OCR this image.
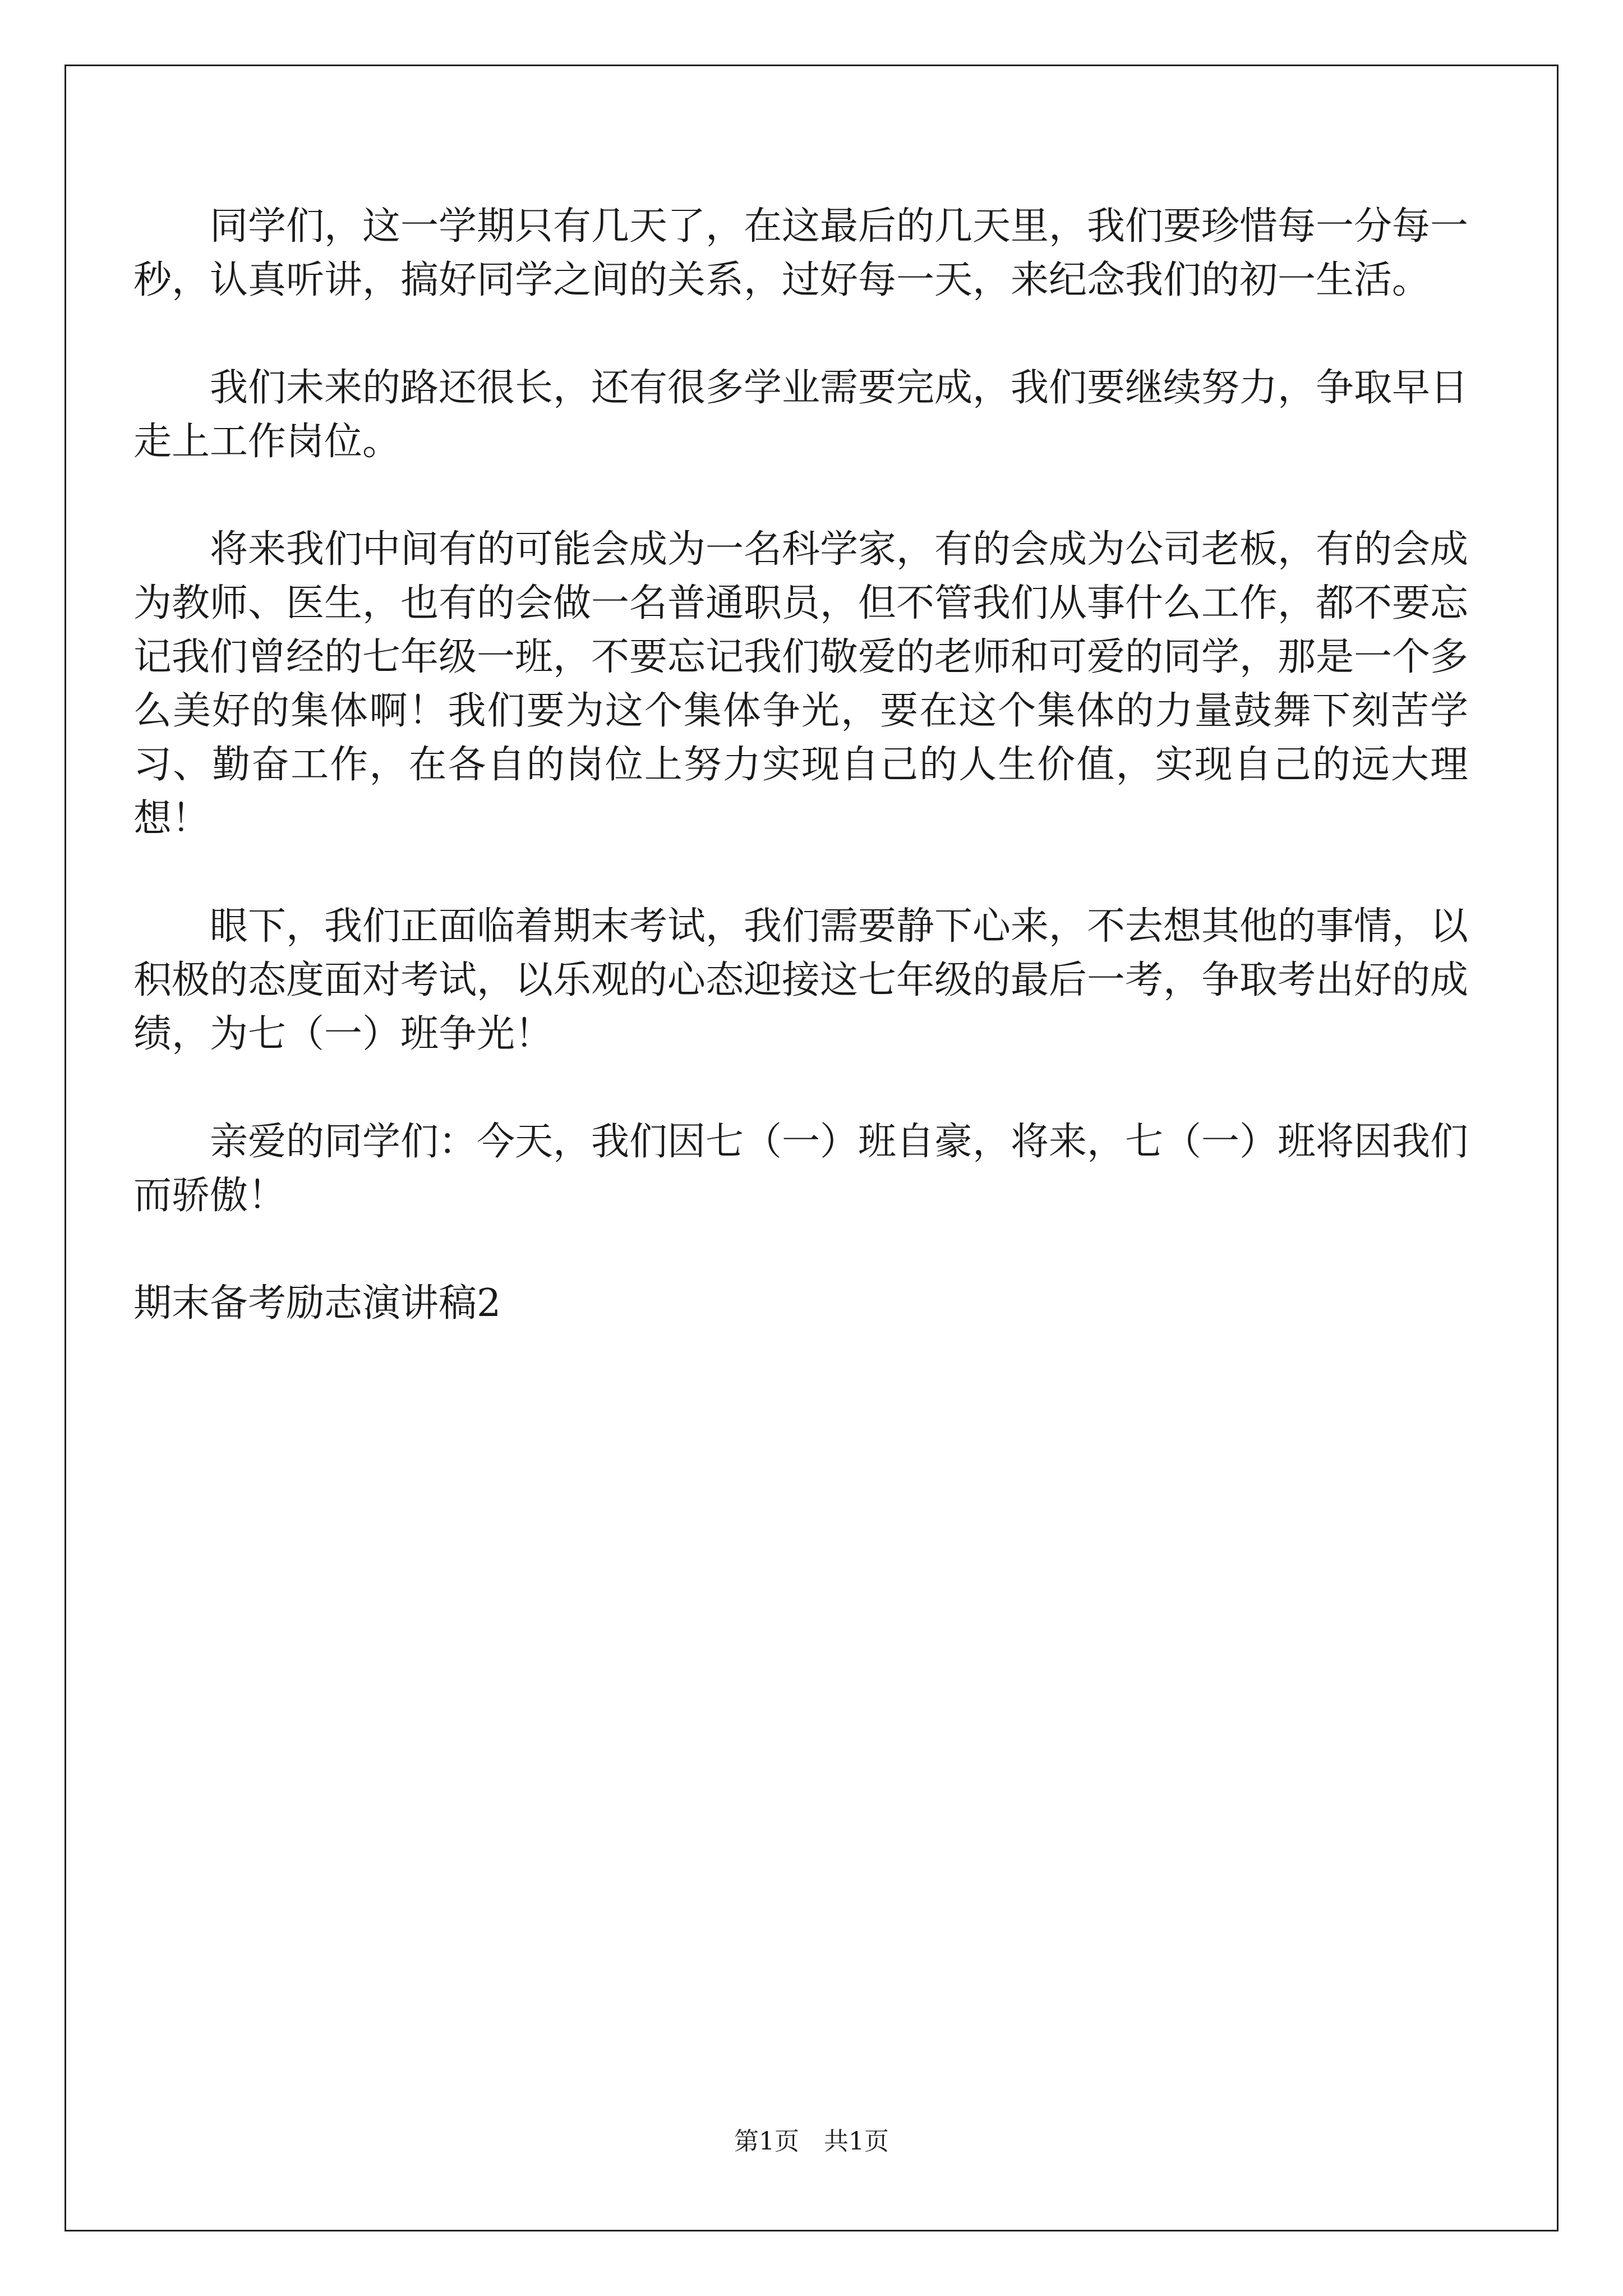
同学们，这一学期只有几天了，在这最后的几天里，我们要珍惜每一分每一秒，认真听讲，搞好同学之间的关系，过好每一天，来纪念我们的初一生活。

我们未来的路还很长，还有很多学业需要完成，我们要继续努力，争取早日走上工作岗位。

将来我们中间有的可能会成为一名科学家，有的会成为公司老板，有的会成为教师、医生，也有的会做一名普通职员，但不管我们从事什么工作，都不要忘记我们曾经的七年级一班，不要忘记我们敬爱的老师和可爱的同学，那是一个多么美好的集体啊！我们要为这个集体争光，要在这个集体的力量鼓舞下刻苦学习、勤奋工作，在各自的岗位上努力实现自己的人生价值，实现自己的远大理想！

眼下，我们正面临着期末考试，我们需要静下心来，不去想其他的事情，以积极的态度面对考试，以乐观的心态迎接这七年级的最后一考，争取考出好的成绩，为七（一）班争光！

亲爱的同学们：今天，我们因七（一）班自豪，将来，七（一）班将因我们而骄傲！

期末备考励志演讲稿2

第1页 共1页
